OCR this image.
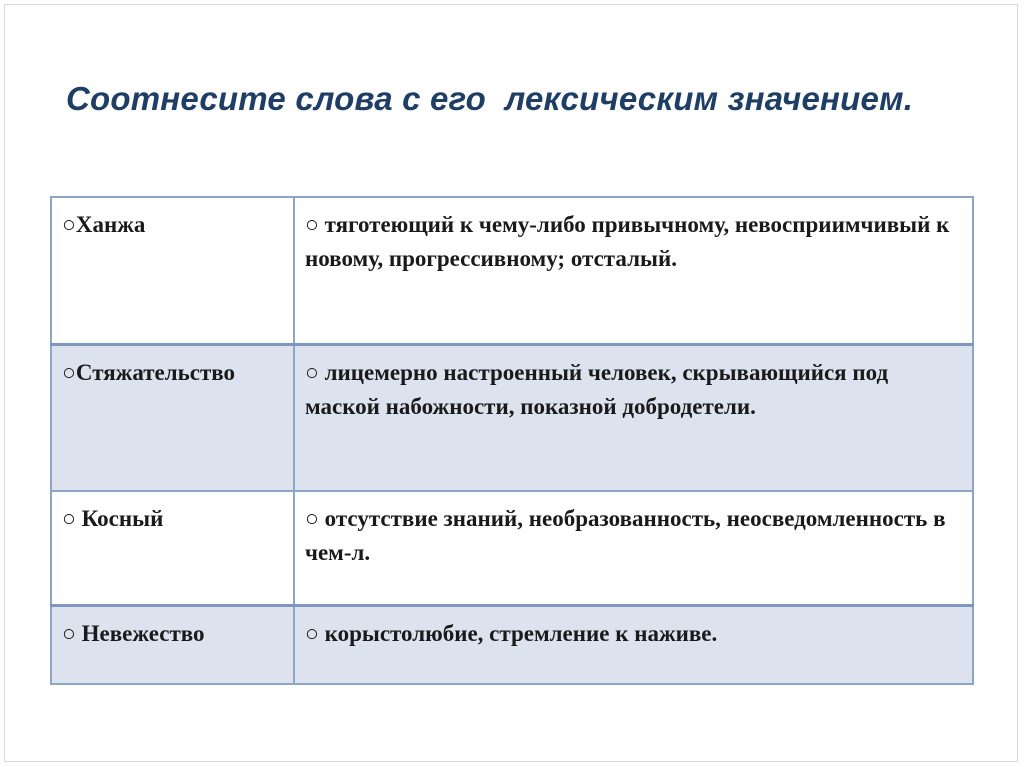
Соотнесите слова с его  лексическим значением.
○Ханжа	○ тяготеющий к чему-либо привычному, невосприимчивый к новому, прогрессивному; отсталый.
○Стяжательство	○ лицемерно настроенный человек, скрывающийся под маской набожности, показной добродетели.
○ Косный	○ отсутствие знаний, необразованность, неосведомленность в чем-л.
○ Невежество	○ корыстолюбие, стремление к наживе.
